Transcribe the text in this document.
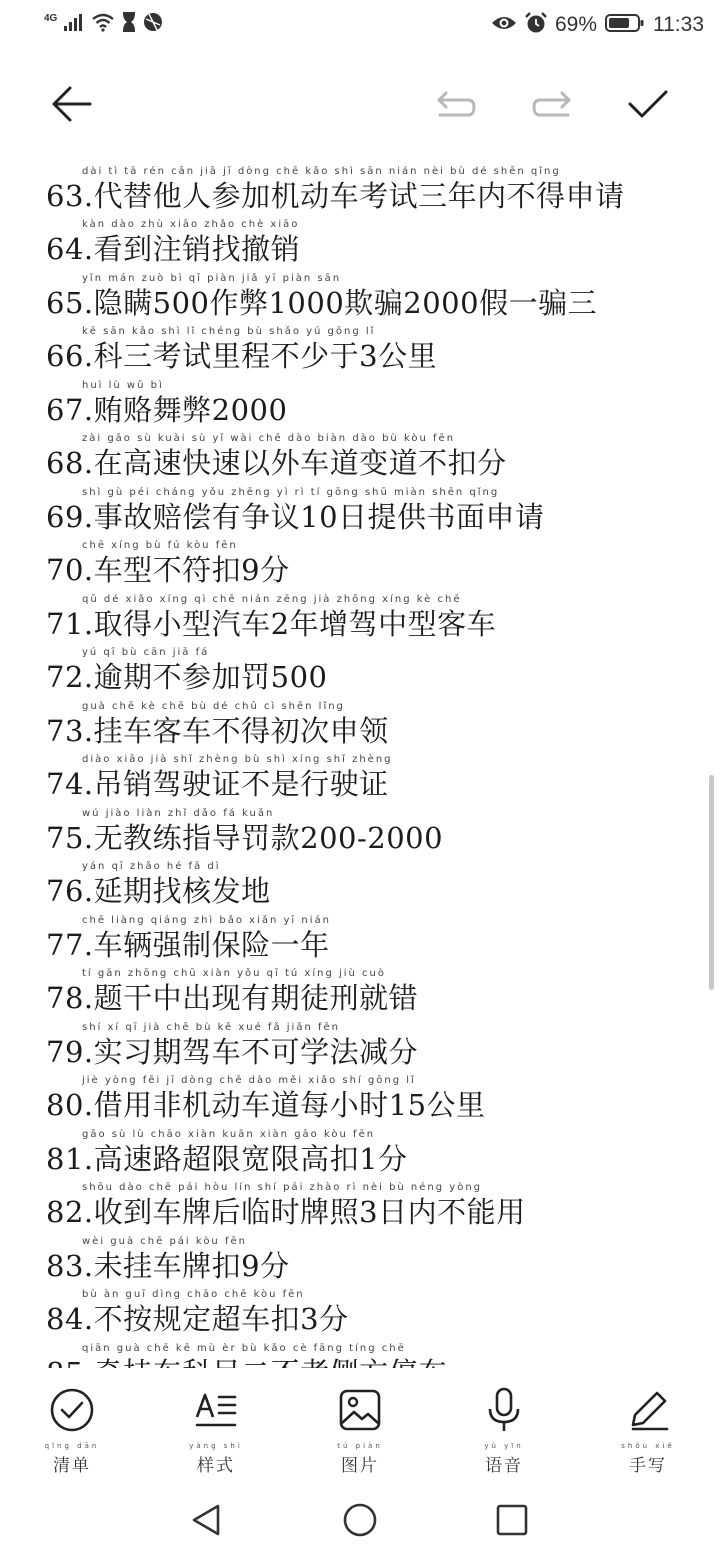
4G	69%	11:33
dài tì tā rén cān jiā jī dòng chē kǎo shì sān nián nèi bù dé shēn qǐng
63.代替他人参加机动车考试三年内不得申请
kàn dào zhù xiāo zhǎo chè xiāo
64.看到注销找撤销
yǐn mán zuò bì qī piàn jiǎ yī piàn sān
65.隐瞒500作弊1000欺骗2000假一骗三
kē sān kǎo shì lǐ chéng bù shǎo yú gōng lǐ
66.科三考试里程不少于3公里
huì lù wǔ bì
67.贿赂舞弊2000
zài gāo sù kuài sù yǐ wài chē dào biàn dào bù kòu fēn
68.在高速快速以外车道变道不扣分
shì gù péi cháng yǒu zhēng yì rì tí gōng shū miàn shēn qǐng
69.事故赔偿有争议10日提供书面申请
chē xíng bù fú kòu fēn
70.车型不符扣9分
qǔ dé xiǎo xíng qì chē nián zēng jià zhōng xíng kè chē
71.取得小型汽车2年增驾中型客车
yú qī bù cān jiā fá
72.逾期不参加罚500
guà chē kè chē bù dé chū cì shēn lǐng
73.挂车客车不得初次申领
diào xiāo jià shǐ zhèng bù shì xíng shǐ zhèng
74.吊销驾驶证不是行驶证
wú jiào liàn zhǐ dǎo fá kuǎn
75.无教练指导罚款200-2000
yán qī zhǎo hé fā dì
76.延期找核发地
chē liàng qiáng zhì bǎo xiǎn yī nián
77.车辆强制保险一年
tí gān zhōng chū xiàn yǒu qī tú xíng jiù cuò
78.题干中出现有期徒刑就错
shí xí qī jià chē bù kě xué fǎ jiǎn fēn
79.实习期驾车不可学法减分
jiè yòng fēi jī dòng chē dào měi xiǎo shí gōng lǐ
80.借用非机动车道每小时15公里
gāo sù lù chāo xiàn kuān xiàn gāo kòu fēn
81.高速路超限宽限高扣1分
shōu dào chē pái hòu lín shí pái zhào rì nèi bù néng yòng
82.收到车牌后临时牌照3日内不能用
wèi guà chē pái kòu fēn
83.未挂车牌扣9分
bù àn guī dìng chāo chē kòu fēn
84.不按规定超车扣3分
qiān guà chē kē mù èr bù kǎo cè fāng tíng chē
qīng dān
清单
yàng shì
样式
tú piàn
图片
yǔ yīn
语音
shǒu xiě
手写
